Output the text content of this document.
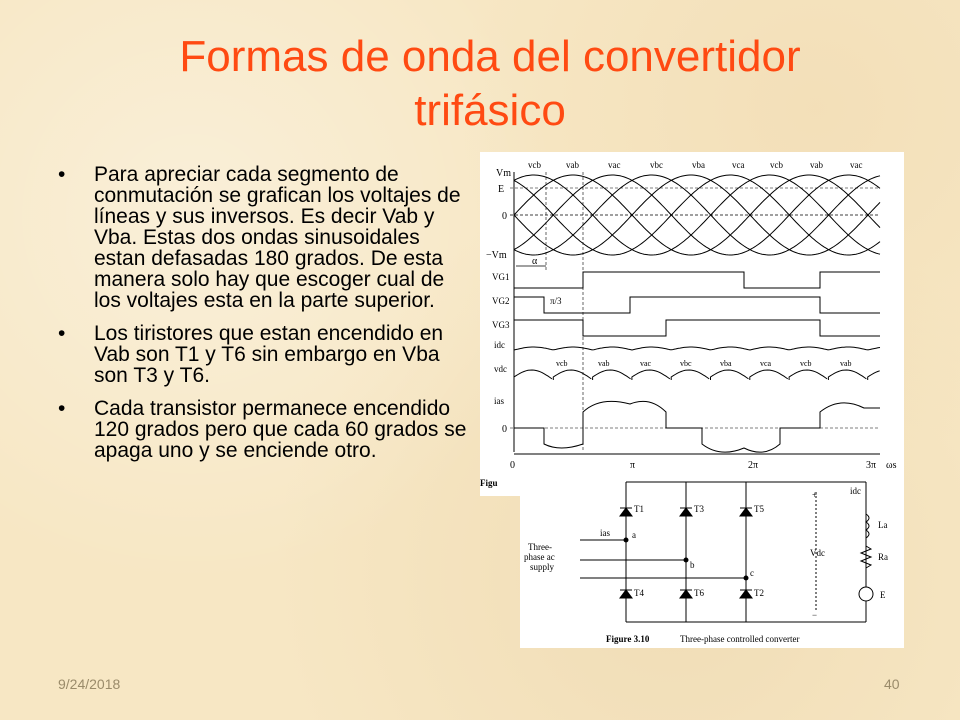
Formas de onda del convertidor
trifásico
• Para apreciar cada segmento de conmutación se grafican los voltajes de líneas y sus inversos. Es decir Vab y Vba. Estas dos ondas sinusoidales estan defasadas 180 grados. De esta manera solo hay que escoger cual de los voltajes esta en la parte superior.
• Los tiristores que estan encendido en Vab son T1 y T6 sin embargo en Vba son T3 y T6.
• Cada transistor permanece encendido 120 grados pero que cada 60 grados se apaga uno y se enciende otro.
vcb	vab	vac	vbc	vba	vca	vcb	vab	vac
Vm
E
0
−Vm
α
VG1
VG2
VG3
π/3
idc
vdc
vcb	vab	vac	vbc	vba	vca	vcb	vab
ias
0
0	π	2π	3π ωs
Figu
T1	T3	T5
T4	T6	T2
a
b
c
Three-
phase ac
supply
ias
idc
Vdc
La
Ra
E
+
−
Figure 3.10	Three-phase controlled converter
9/24/2018	40
